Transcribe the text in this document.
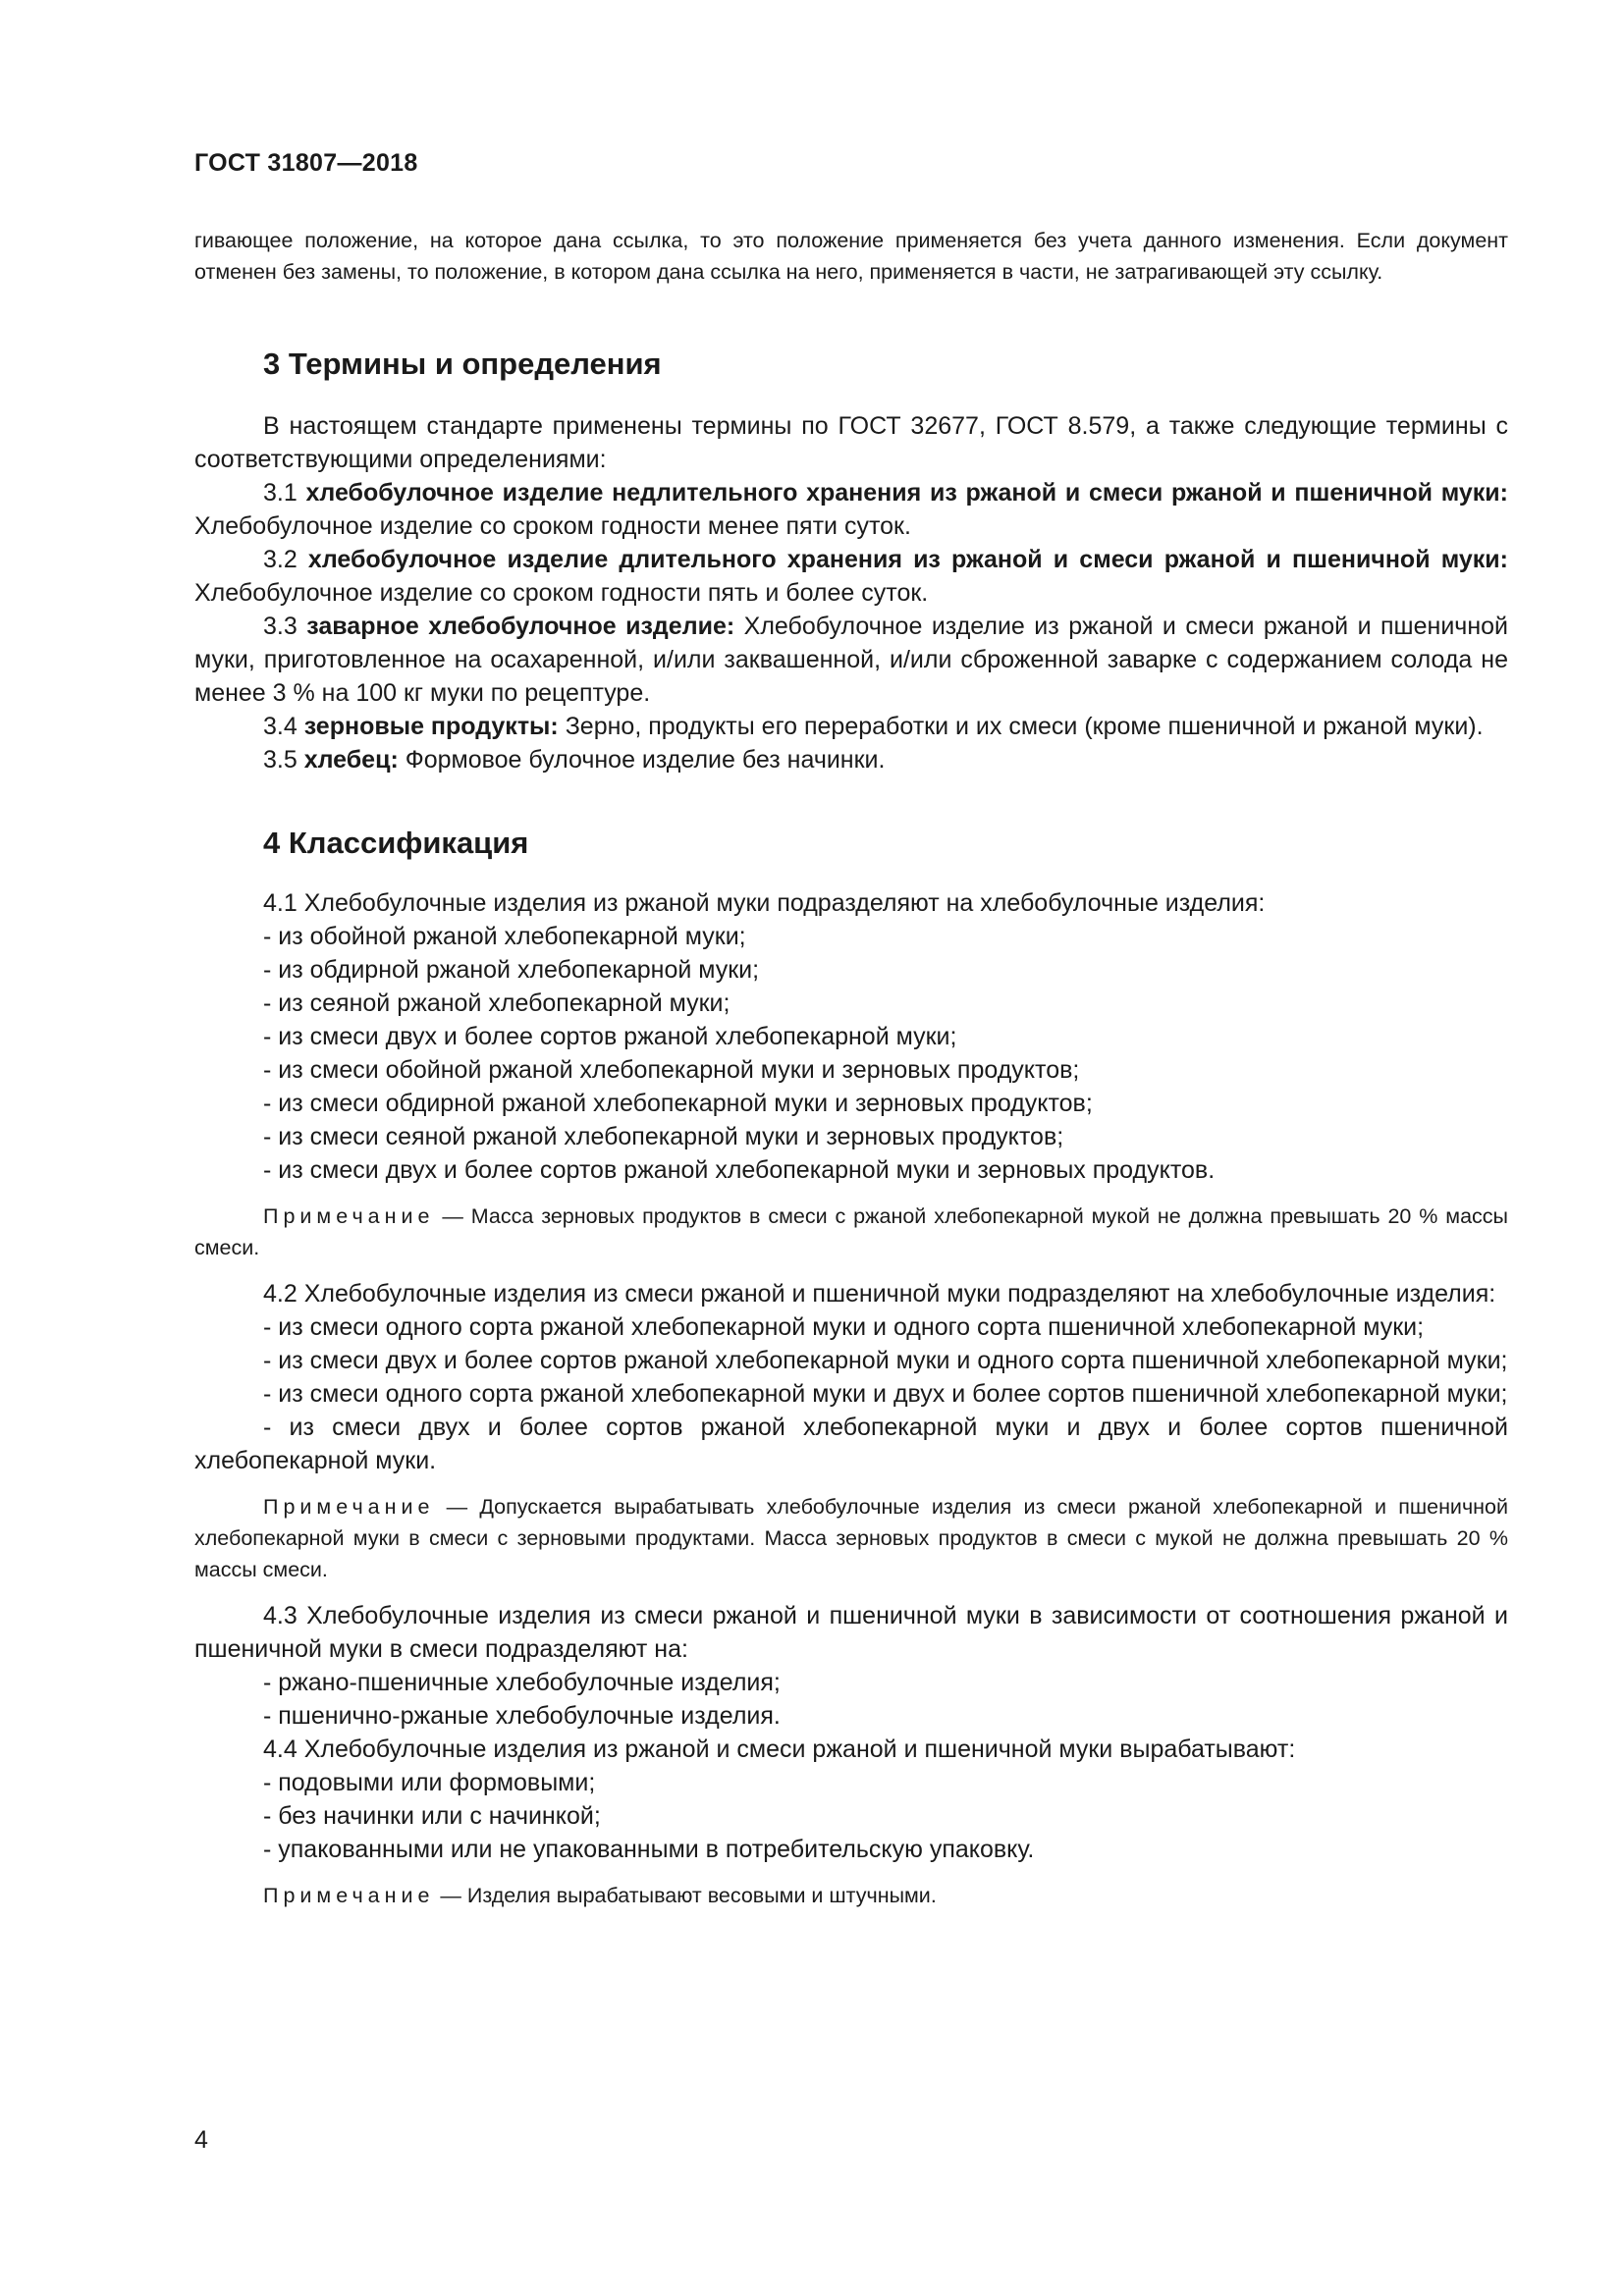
ГОСТ 31807—2018

гивающее положение, на которое дана ссылка, то это положение применяется без учета данного изменения. Если документ отменен без замены, то положение, в котором дана ссылка на него, применяется в части, не затрагивающей эту ссылку.

3 Термины и определения

В настоящем стандарте применены термины по ГОСТ 32677, ГОСТ 8.579, а также следующие термины с соответствующими определениями:

3.1 хлебобулочное изделие недлительного хранения из ржаной и смеси ржаной и пшеничной муки: Хлебобулочное изделие со сроком годности менее пяти суток.

3.2 хлебобулочное изделие длительного хранения из ржаной и смеси ржаной и пшеничной муки: Хлебобулочное изделие со сроком годности пять и более суток.

3.3 заварное хлебобулочное изделие: Хлебобулочное изделие из ржаной и смеси ржаной и пшеничной муки, приготовленное на осахаренной, и/или заквашенной, и/или сброженной заварке с содержанием солода не менее 3 % на 100 кг муки по рецептуре.

3.4 зерновые продукты: Зерно, продукты его переработки и их смеси (кроме пшеничной и ржаной муки).

3.5 хлебец: Формовое булочное изделие без начинки.

4 Классификация

4.1 Хлебобулочные изделия из ржаной муки подразделяют на хлебобулочные изделия:

- из обойной ржаной хлебопекарной муки;

- из обдирной ржаной хлебопекарной муки;

- из сеяной ржаной хлебопекарной муки;

- из смеси двух и более сортов ржаной хлебопекарной муки;

- из смеси обойной ржаной хлебопекарной муки и зерновых продуктов;

- из смеси обдирной ржаной хлебопекарной муки и зерновых продуктов;

- из смеси сеяной ржаной хлебопекарной муки и зерновых продуктов;

- из смеси двух и более сортов ржаной хлебопекарной муки и зерновых продуктов.

Примечание — Масса зерновых продуктов в смеси с ржаной хлебопекарной мукой не должна превышать 20 % массы смеси.

4.2 Хлебобулочные изделия из смеси ржаной и пшеничной муки подразделяют на хлебобулочные изделия:

- из смеси одного сорта ржаной хлебопекарной муки и одного сорта пшеничной хлебопекарной муки;

- из смеси двух и более сортов ржаной хлебопекарной муки и одного сорта пшеничной хлебопекарной муки;

- из смеси одного сорта ржаной хлебопекарной муки и двух и более сортов пшеничной хлебопекарной муки;

- из смеси двух и более сортов ржаной хлебопекарной муки и двух и более сортов пшеничной хлебопекарной муки.

Примечание — Допускается вырабатывать хлебобулочные изделия из смеси ржаной хлебопекарной и пшеничной хлебопекарной муки в смеси с зерновыми продуктами. Масса зерновых продуктов в смеси с мукой не должна превышать 20 % массы смеси.

4.3 Хлебобулочные изделия из смеси ржаной и пшеничной муки в зависимости от соотношения ржаной и пшеничной муки в смеси подразделяют на:

- ржано-пшеничные хлебобулочные изделия;

- пшенично-ржаные хлебобулочные изделия.

4.4 Хлебобулочные изделия из ржаной и смеси ржаной и пшеничной муки вырабатывают:

- подовыми или формовыми;

- без начинки или с начинкой;

- упакованными или не упакованными в потребительскую упаковку.

Примечание — Изделия вырабатывают весовыми и штучными.

4
